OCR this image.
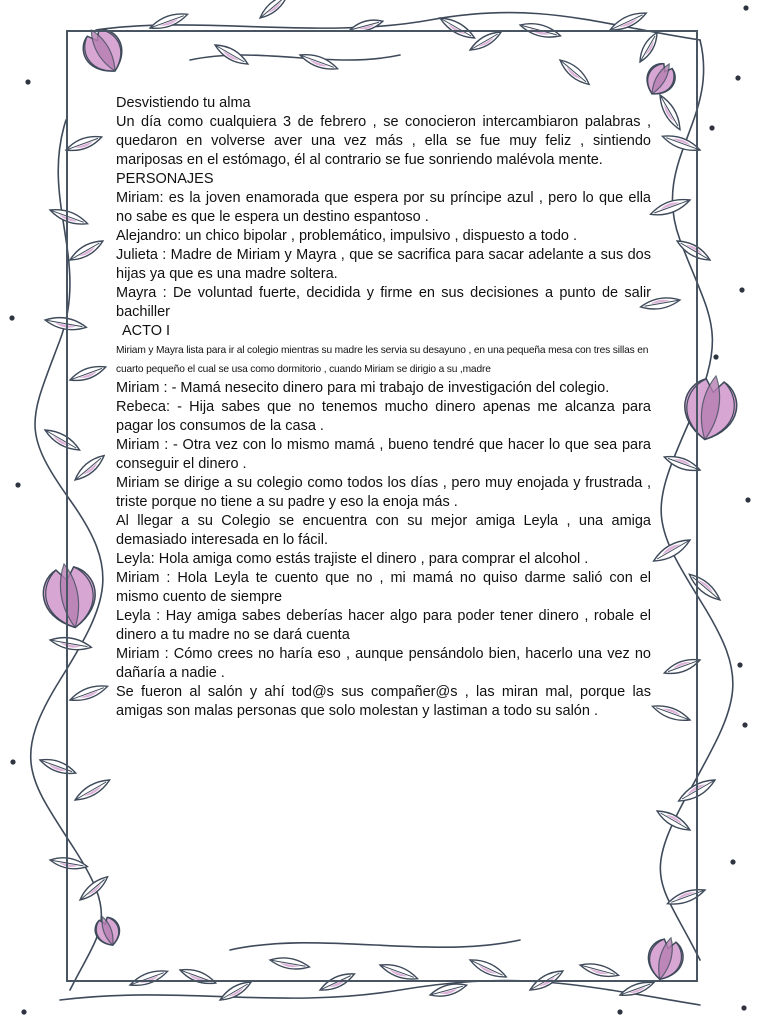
Desvistiendo tu alma

Un día como cualquiera 3 de febrero , se conocieron intercambiaron palabras , quedaron en volverse aver una vez más , ella se fue muy feliz , sintiendo mariposas en el estómago, él al contrario se fue sonriendo malévola mente.

PERSONAJES

Miriam: es la joven enamorada que espera por su príncipe azul , pero lo que ella no sabe es que le espera un destino espantoso .

Alejandro: un chico bipolar , problemático, impulsivo , dispuesto a todo .

Julieta : Madre de Miriam y Mayra , que se sacrifica para sacar adelante a sus dos hijas ya que es una madre soltera.

Mayra : De voluntad fuerte, decidida y firme en sus decisiones a punto de salir bachiller

ACTO I

Miriam y Mayra lista para ir al colegio mientras su madre les servia su desayuno , en una pequeña mesa con tres sillas en cuarto pequeño el cual se usa como dormitorio , cuando Miriam se dirigio a su ,madre

Miriam : - Mamá nesecito dinero para mi trabajo de investigación del colegio.

Rebeca: - Hija sabes que no tenemos mucho dinero apenas me alcanza para pagar los consumos de la casa .

Miriam : - Otra vez con lo mismo mamá , bueno tendré que hacer lo que sea para conseguir el dinero .

Miriam se dirige a su colegio como todos los días , pero muy enojada y frustrada , triste porque no tiene a su padre y eso la enoja más .

Al llegar a su Colegio se encuentra con su mejor amiga Leyla , una amiga demasiado interesada en lo fácil.

Leyla: Hola amiga como estás trajiste el dinero , para comprar el alcohol .

Miriam : Hola Leyla te cuento que no , mi mamá no quiso darme salió con el mismo cuento de siempre

Leyla : Hay amiga sabes deberías hacer algo para poder tener dinero , robale el dinero a tu madre no se dará cuenta

Miriam : Cómo crees no haría eso , aunque pensándolo bien, hacerlo una vez no dañaría a nadie .

Se fueron al salón y ahí tod@s sus compañer@s , las miran mal, porque las amigas son malas personas que solo molestan y lastiman a todo su salón .
